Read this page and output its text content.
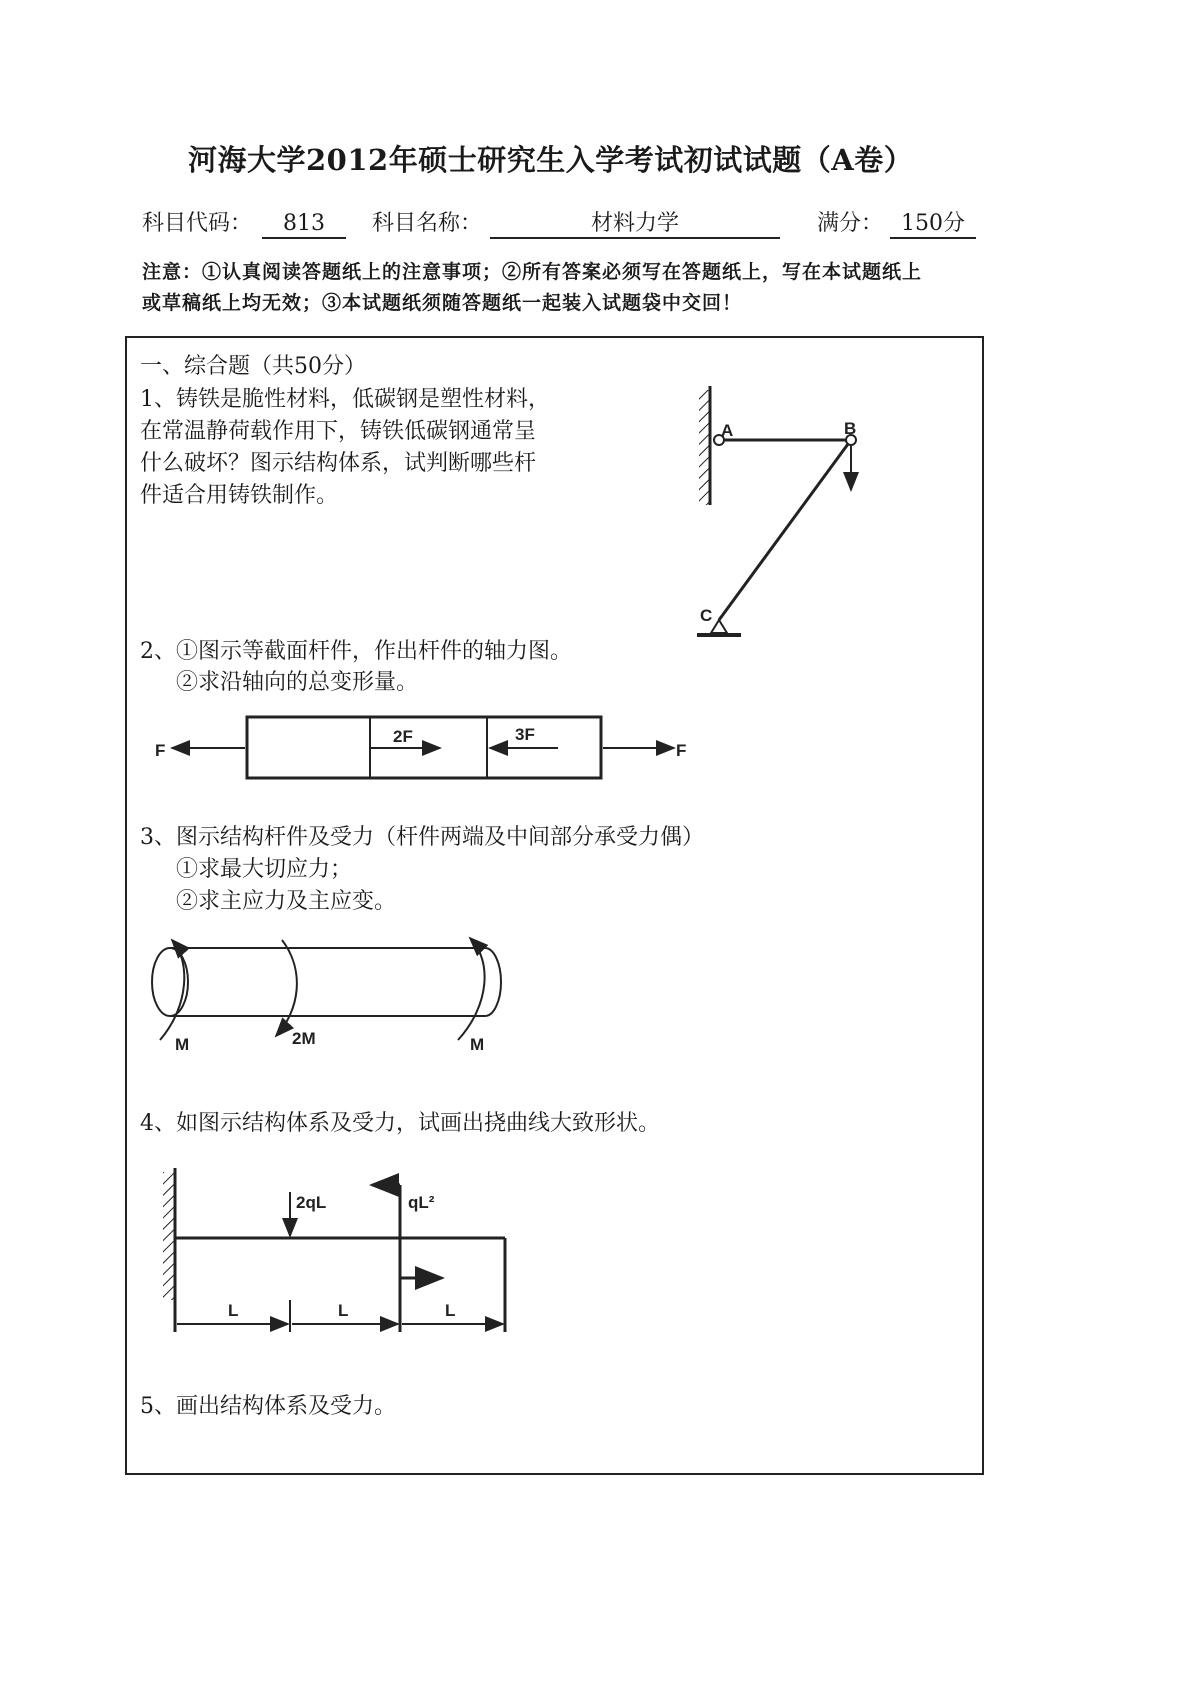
河海大学2012年硕士研究生入学考试初试试题（A卷）
科目代码：	813	科目名称：	材料力学	满分： 150分
注意：①认真阅读答题纸上的注意事项；②所有答案必须写在答题纸上，写在本试题纸上
或草稿纸上均无效；③本试题纸须随答题纸一起装入试题袋中交回！
一、综合题（共50分）
1、铸铁是脆性材料，低碳钢是塑性材料，
在常温静荷载作用下，铸铁低碳钢通常呈
什么破坏？图示结构体系，试判断哪些杆
件适合用铸铁制作。
2、①图示等截面杆件，作出杆件的轴力图。
②求沿轴向的总变形量。
3、图示结构杆件及受力（杆件两端及中间部分承受力偶）
①求最大切应力；
②求主应力及主应变。
4、如图示结构体系及受力，试画出挠曲线大致形状。
5、画出结构体系及受力。
A	B
C
F
2F	3F
F
M	2M	M
2qL	qL²
L	L	L
